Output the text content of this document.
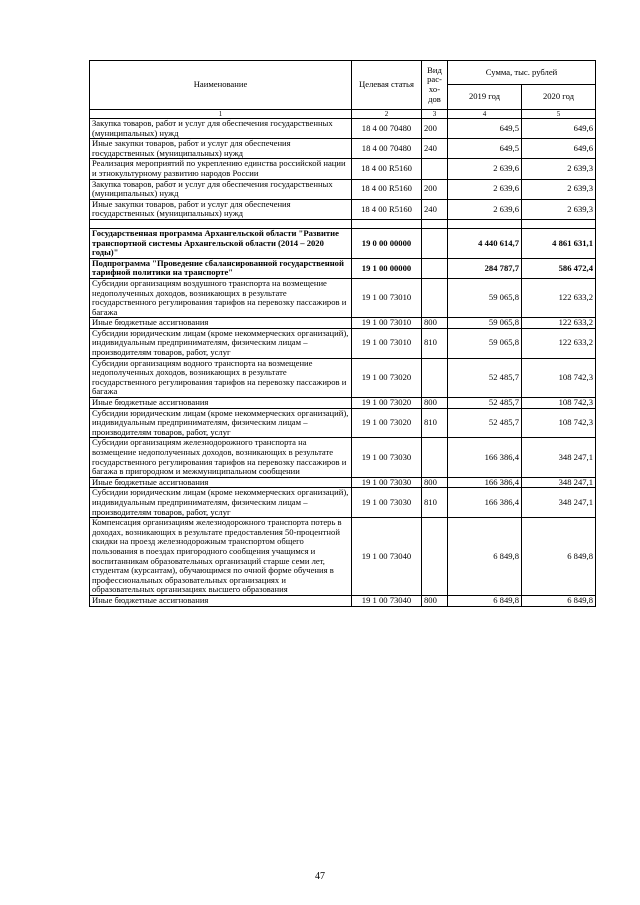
Наименование	Целевая статья	Вид рас-хо-дов	Сумма, тыс. рублей	
			2019 год	2020 год
1	2	3	4	5
Закупка товаров, работ и услуг для обеспечения государственных (муниципальных) нужд	18 4 00 70480	200	649,5	649,6
Иные закупки товаров, работ и услуг для обеспечения государственных (муниципальных) нужд	18 4 00 70480	240	649,5	649,6
Реализация мероприятий по укреплению единства российской нации и этнокультурному развитию народов России	18 4 00 R5160		2 639,6	2 639,3
Закупка товаров, работ и услуг для обеспечения государственных (муниципальных) нужд	18 4 00 R5160	200	2 639,6	2 639,3
Иные закупки товаров, работ и услуг для обеспечения государственных (муниципальных) нужд	18 4 00 R5160	240	2 639,6	2 639,3

Государственная программа Архангельской области "Развитие транспортной системы Архангельской области (2014 – 2020 годы)"	19 0 00 00000		4 440 614,7	4 861 631,1
Подпрограмма "Проведение сбалансированной государственной тарифной политики на транспорте"	19 1 00 00000		284 787,7	586 472,4
Субсидии организациям воздушного транспорта на возмещение недополученных доходов, возникающих в результате государственного регулирования тарифов на перевозку пассажиров и багажа	19 1 00 73010		59 065,8	122 633,2
Иные бюджетные ассигнования	19 1 00 73010	800	59 065,8	122 633,2
Субсидии юридическим лицам (кроме некоммерческих организаций), индивидуальным предпринимателям, физическим лицам – производителям товаров, работ, услуг	19 1 00 73010	810	59 065,8	122 633,2
Субсидии организациям водного транспорта на возмещение недополученных доходов, возникающих в результате государственного регулирования тарифов на перевозку пассажиров и багажа	19 1 00 73020		52 485,7	108 742,3
Иные бюджетные ассигнования	19 1 00 73020	800	52 485,7	108 742,3
Субсидии юридическим лицам (кроме некоммерческих организаций), индивидуальным предпринимателям, физическим лицам – производителям товаров, работ, услуг	19 1 00 73020	810	52 485,7	108 742,3
Субсидии организациям железнодорожного транспорта на возмещение недополученных доходов, возникающих в результате государственного регулирования тарифов на перевозку пассажиров и багажа в пригородном и межмуниципальном сообщении	19 1 00 73030		166 386,4	348 247,1
Иные бюджетные ассигнования	19 1 00 73030	800	166 386,4	348 247,1
Субсидии юридическим лицам (кроме некоммерческих организаций), индивидуальным предпринимателям, физическим лицам – производителям товаров, работ, услуг	19 1 00 73030	810	166 386,4	348 247,1
Компенсация организациям железнодорожного транспорта потерь в доходах, возникающих в результате предоставления 50-процентной скидки на проезд железнодорожным транспортом общего пользования в поездах пригородного сообщения учащимся и воспитанникам образовательных организаций старше семи лет, студентам (курсантам), обучающимся по очной форме обучения в профессиональных образовательных организациях и образовательных организациях высшего образования	19 1 00 73040		6 849,8	6 849,8
Иные бюджетные ассигнования	19 1 00 73040	800	6 849,8	6 849,8
47
